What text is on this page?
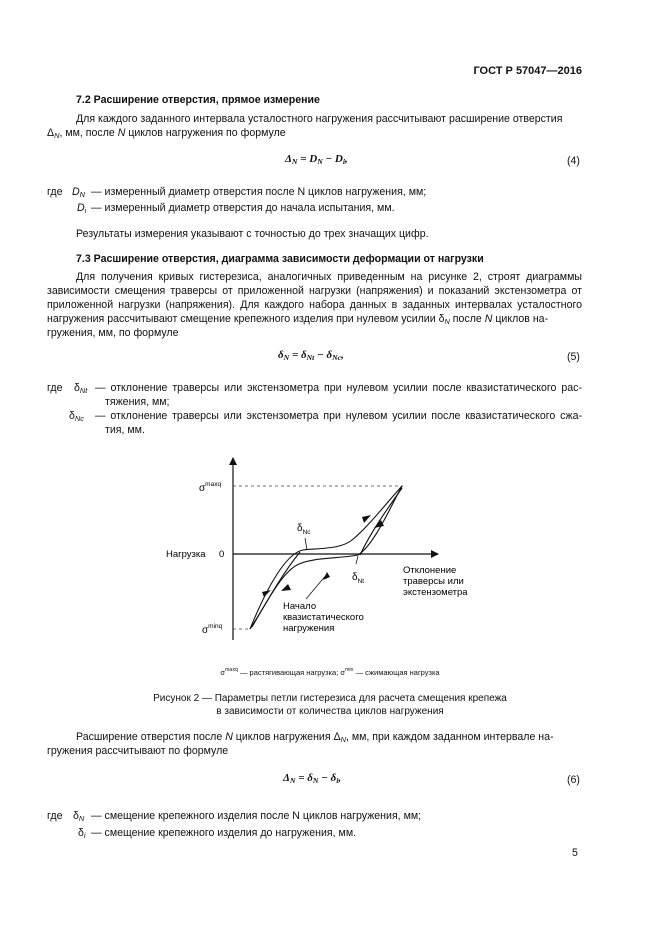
ГОСТ Р 57047—2016
7.2 Расширение отверстия, прямое измерение
Для каждого заданного интервала усталостного нагружения рассчитывают расширение отверстия
$\Delta_N$, мм, после N циклов нагружения по формуле
$\Delta_N = D_N - D_i$,	(4)
где $D_N$ — измеренный диаметр отверстия после N циклов нагружения, мм;
$D_i$ — измеренный диаметр отверстия до начала испытания, мм.
Результаты измерения указывают с точностью до трех значащих цифр.
7.3 Расширение отверстия, диаграмма зависимости деформации от нагрузки
Для получения кривых гистерезиса, аналогичных приведенным на рисунке 2, строят диаграммы
зависимости смещения траверсы от приложенной нагрузки (напряжения) и показаний экстензометра от
приложенной нагрузки (напряжения). Для каждого набора данных в заданных интервалах усталостного
нагружения рассчитывают смещение крепежного изделия при нулевом усилии $\delta_N$ после N циклов на-
гружения, мм, по формуле
$\delta_N = \delta_{Nt} - \delta_{Nc}$,	(5)
где $\delta_{Nt}$ — отклонение траверсы или экстензометра при нулевом усилии после квазистатического рас-
тяжения, мм;
$\delta_{Nc}$ — отклонение траверсы или экстензометра при нулевом усилии после квазистатического сжа-
тия, мм.
$\sigma^{maxq}$
$\sigma^{minq}$
$\delta_{Nc}$
$\delta_{Nt}$
Нагрузка 0
Отклонение
траверсы или
экстензометра
Начало
квазистатического
нагружения
$\sigma^{maxq}$ — растягивающая нагрузка; $\sigma^{min}$ — сжимающая нагрузка
Рисунок 2 — Параметры петли гистерезиса для расчета смещения крепежа
в зависимости от количества циклов нагружения
Расширение отверстия после N циклов нагружения $\Delta_N$, мм, при каждом заданном интервале на-
гружения рассчитывают по формуле
$\Delta_N = \delta_N - \delta_i$,	(6)
где $\delta_N$ — смещение крепежного изделия после N циклов нагружения, мм;
$\delta_i$ — смещение крепежного изделия до нагружения, мм.
5
